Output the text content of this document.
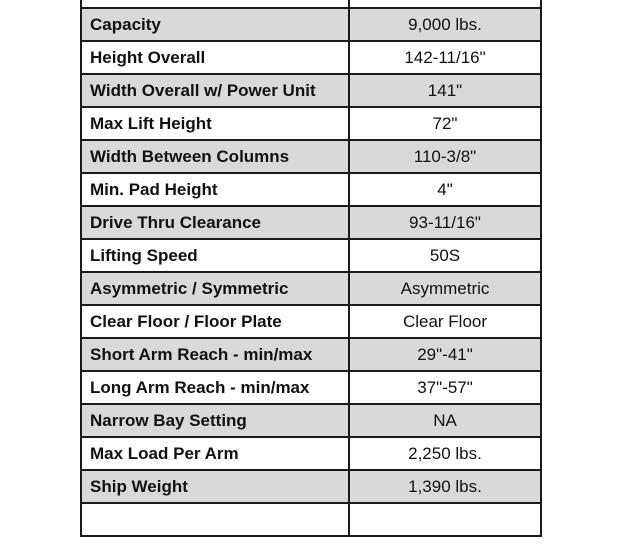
Capacity	9,000 lbs.
Height Overall	142-11/16"
Width Overall w/ Power Unit	141"
Max Lift Height	72"
Width Between Columns	110-3/8"
Min. Pad Height	4"
Drive Thru Clearance	93-11/16"
Lifting Speed	50S
Asymmetric / Symmetric	Asymmetric
Clear Floor / Floor Plate	Clear Floor
Short Arm Reach - min/max	29"-41"
Long Arm Reach - min/max	37"-57"
Narrow Bay Setting	NA
Max Load Per Arm	2,250 lbs.
Ship Weight	1,390 lbs.
